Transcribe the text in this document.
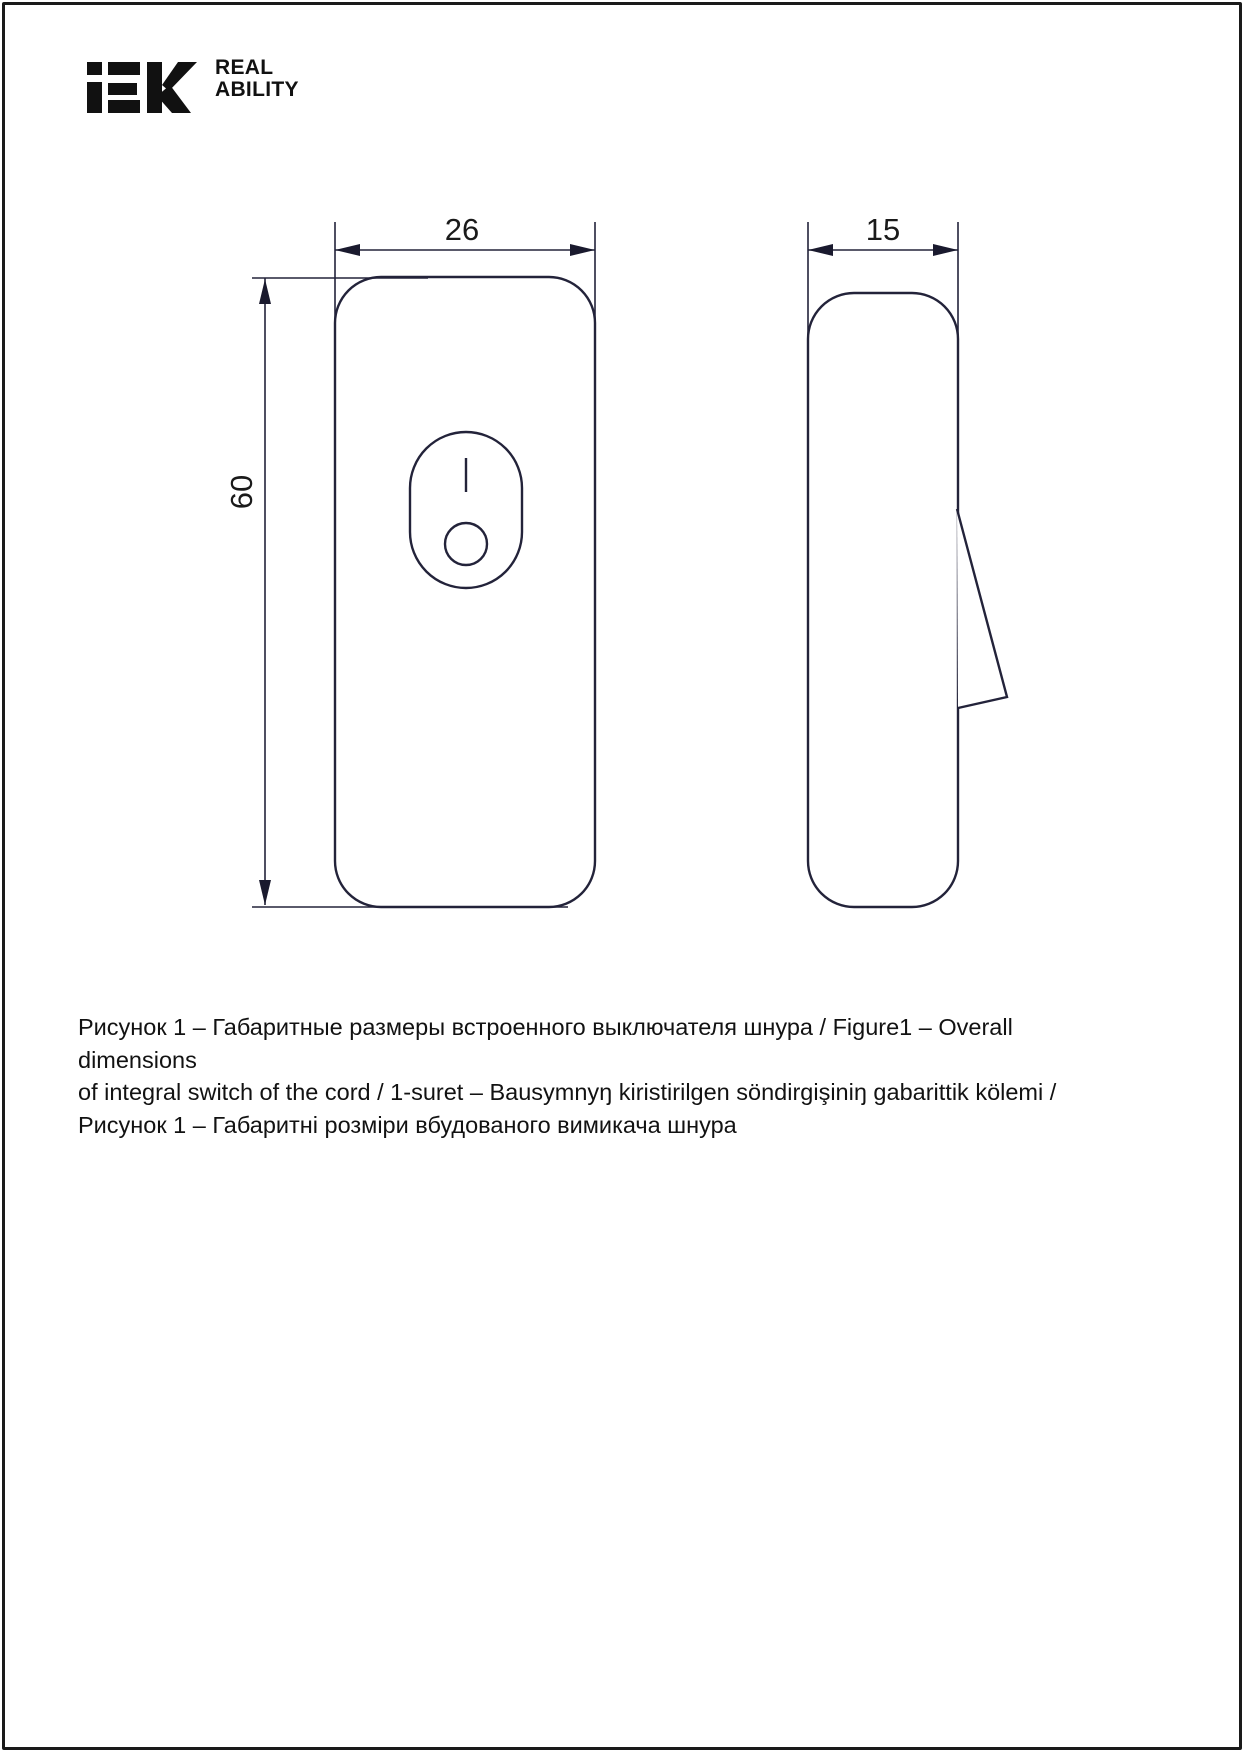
REAL
ABILITY
26	15
60
Рисунок 1 – Габаритные размеры встроенного выключателя шнура / Figure1 – Overall dimensions
of integral switch of the cord / 1-suret – Bausymnyŋ kiristirilgen söndirgişiniŋ gabarittik kölemi /
Рисунок 1 – Габаритні розміри вбудованого вимикача шнура
